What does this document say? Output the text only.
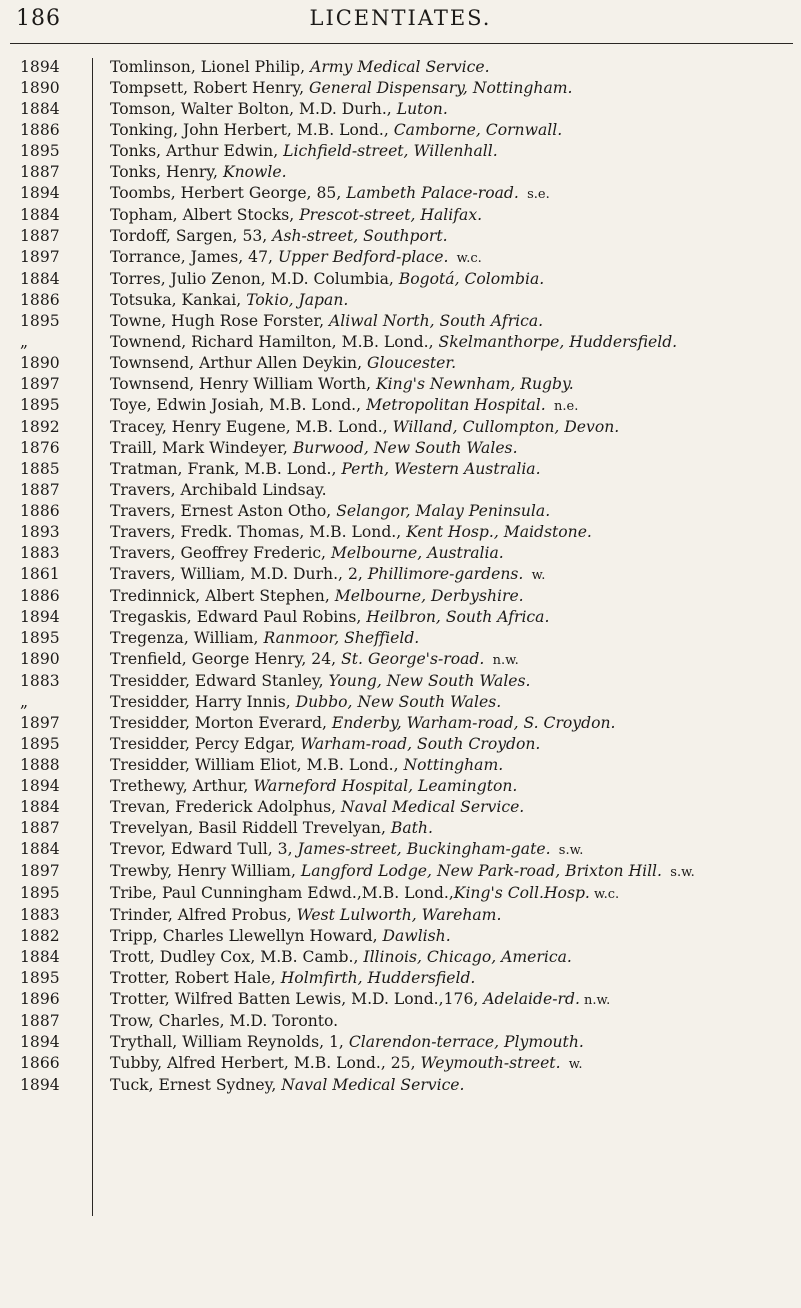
186	LICENTIATES.
1894	Tomlinson, Lionel Philip, Army Medical Service.
1890	Tompsett, Robert Henry, General Dispensary, Nottingham.
1884	Tomson, Walter Bolton, M.D. Durh., Luton.
1886	Tonking, John Herbert, M.B. Lond., Camborne, Cornwall.
1895	Tonks, Arthur Edwin, Lichfield-street, Willenhall.
1887	Tonks, Henry, Knowle.
1894	Toombs, Herbert George, 85, Lambeth Palace-road.  s.e.
1884	Topham, Albert Stocks, Prescot-street, Halifax.
1887	Tordoff, Sargen, 53, Ash-street, Southport.
1897	Torrance, James, 47, Upper Bedford-place.  w.c.
1884	Torres, Julio Zenon, M.D. Columbia, Bogotá, Colombia.
1886	Totsuka, Kankai, Tokio, Japan.
1895	Towne, Hugh Rose Forster, Aliwal North, South Africa.
„	Townend, Richard Hamilton, M.B. Lond., Skelmanthorpe, Huddersfield.
1890	Townsend, Arthur Allen Deykin, Gloucester.
1897	Townsend, Henry William Worth, King's Newnham, Rugby.
1895	Toye, Edwin Josiah, M.B. Lond., Metropolitan Hospital.  n.e.
1892	Tracey, Henry Eugene, M.B. Lond., Willand, Cullompton, Devon.
1876	Traill, Mark Windeyer, Burwood, New South Wales.
1885	Tratman, Frank, M.B. Lond., Perth, Western Australia.
1887	Travers, Archibald Lindsay.
1886	Travers, Ernest Aston Otho, Selangor, Malay Peninsula.
1893	Travers, Fredk. Thomas, M.B. Lond., Kent Hosp., Maidstone.
1883	Travers, Geoffrey Frederic, Melbourne, Australia.
1861	Travers, William, M.D. Durh., 2, Phillimore-gardens.  w.
1886	Tredinnick, Albert Stephen, Melbourne, Derbyshire.
1894	Tregaskis, Edward Paul Robins, Heilbron, South Africa.
1895	Tregenza, William, Ranmoor, Sheffield.
1890	Trenfield, George Henry, 24, St. George's-road.  n.w.
1883	Tresidder, Edward Stanley, Young, New South Wales.
„	Tresidder, Harry Innis, Dubbo, New South Wales.
1897	Tresidder, Morton Everard, Enderby, Warham-road, S. Croydon.
1895	Tresidder, Percy Edgar, Warham-road, South Croydon.
1888	Tresidder, William Eliot, M.B. Lond., Nottingham.
1894	Trethewy, Arthur, Warneford Hospital, Leamington.
1884	Trevan, Frederick Adolphus, Naval Medical Service.
1887	Trevelyan, Basil Riddell Trevelyan, Bath.
1884	Trevor, Edward Tull, 3, James-street, Buckingham-gate.  s.w.
1897	Trewby, Henry William, Langford Lodge, New Park-road, Brixton Hill.  s.w.
1895	Tribe, Paul Cunningham Edwd.,M.B. Lond.,King's Coll.Hosp. w.c.
1883	Trinder, Alfred Probus, West Lulworth, Wareham.
1882	Tripp, Charles Llewellyn Howard, Dawlish.
1884	Trott, Dudley Cox, M.B. Camb., Illinois, Chicago, America.
1895	Trotter, Robert Hale, Holmfirth, Huddersfield.
1896	Trotter, Wilfred Batten Lewis, M.D. Lond.,176, Adelaide-rd. n.w.
1887	Trow, Charles, M.D. Toronto.
1894	Trythall, William Reynolds, 1, Clarendon-terrace, Plymouth.
1866	Tubby, Alfred Herbert, M.B. Lond., 25, Weymouth-street.  w.
1894	Tuck, Ernest Sydney, Naval Medical Service.
